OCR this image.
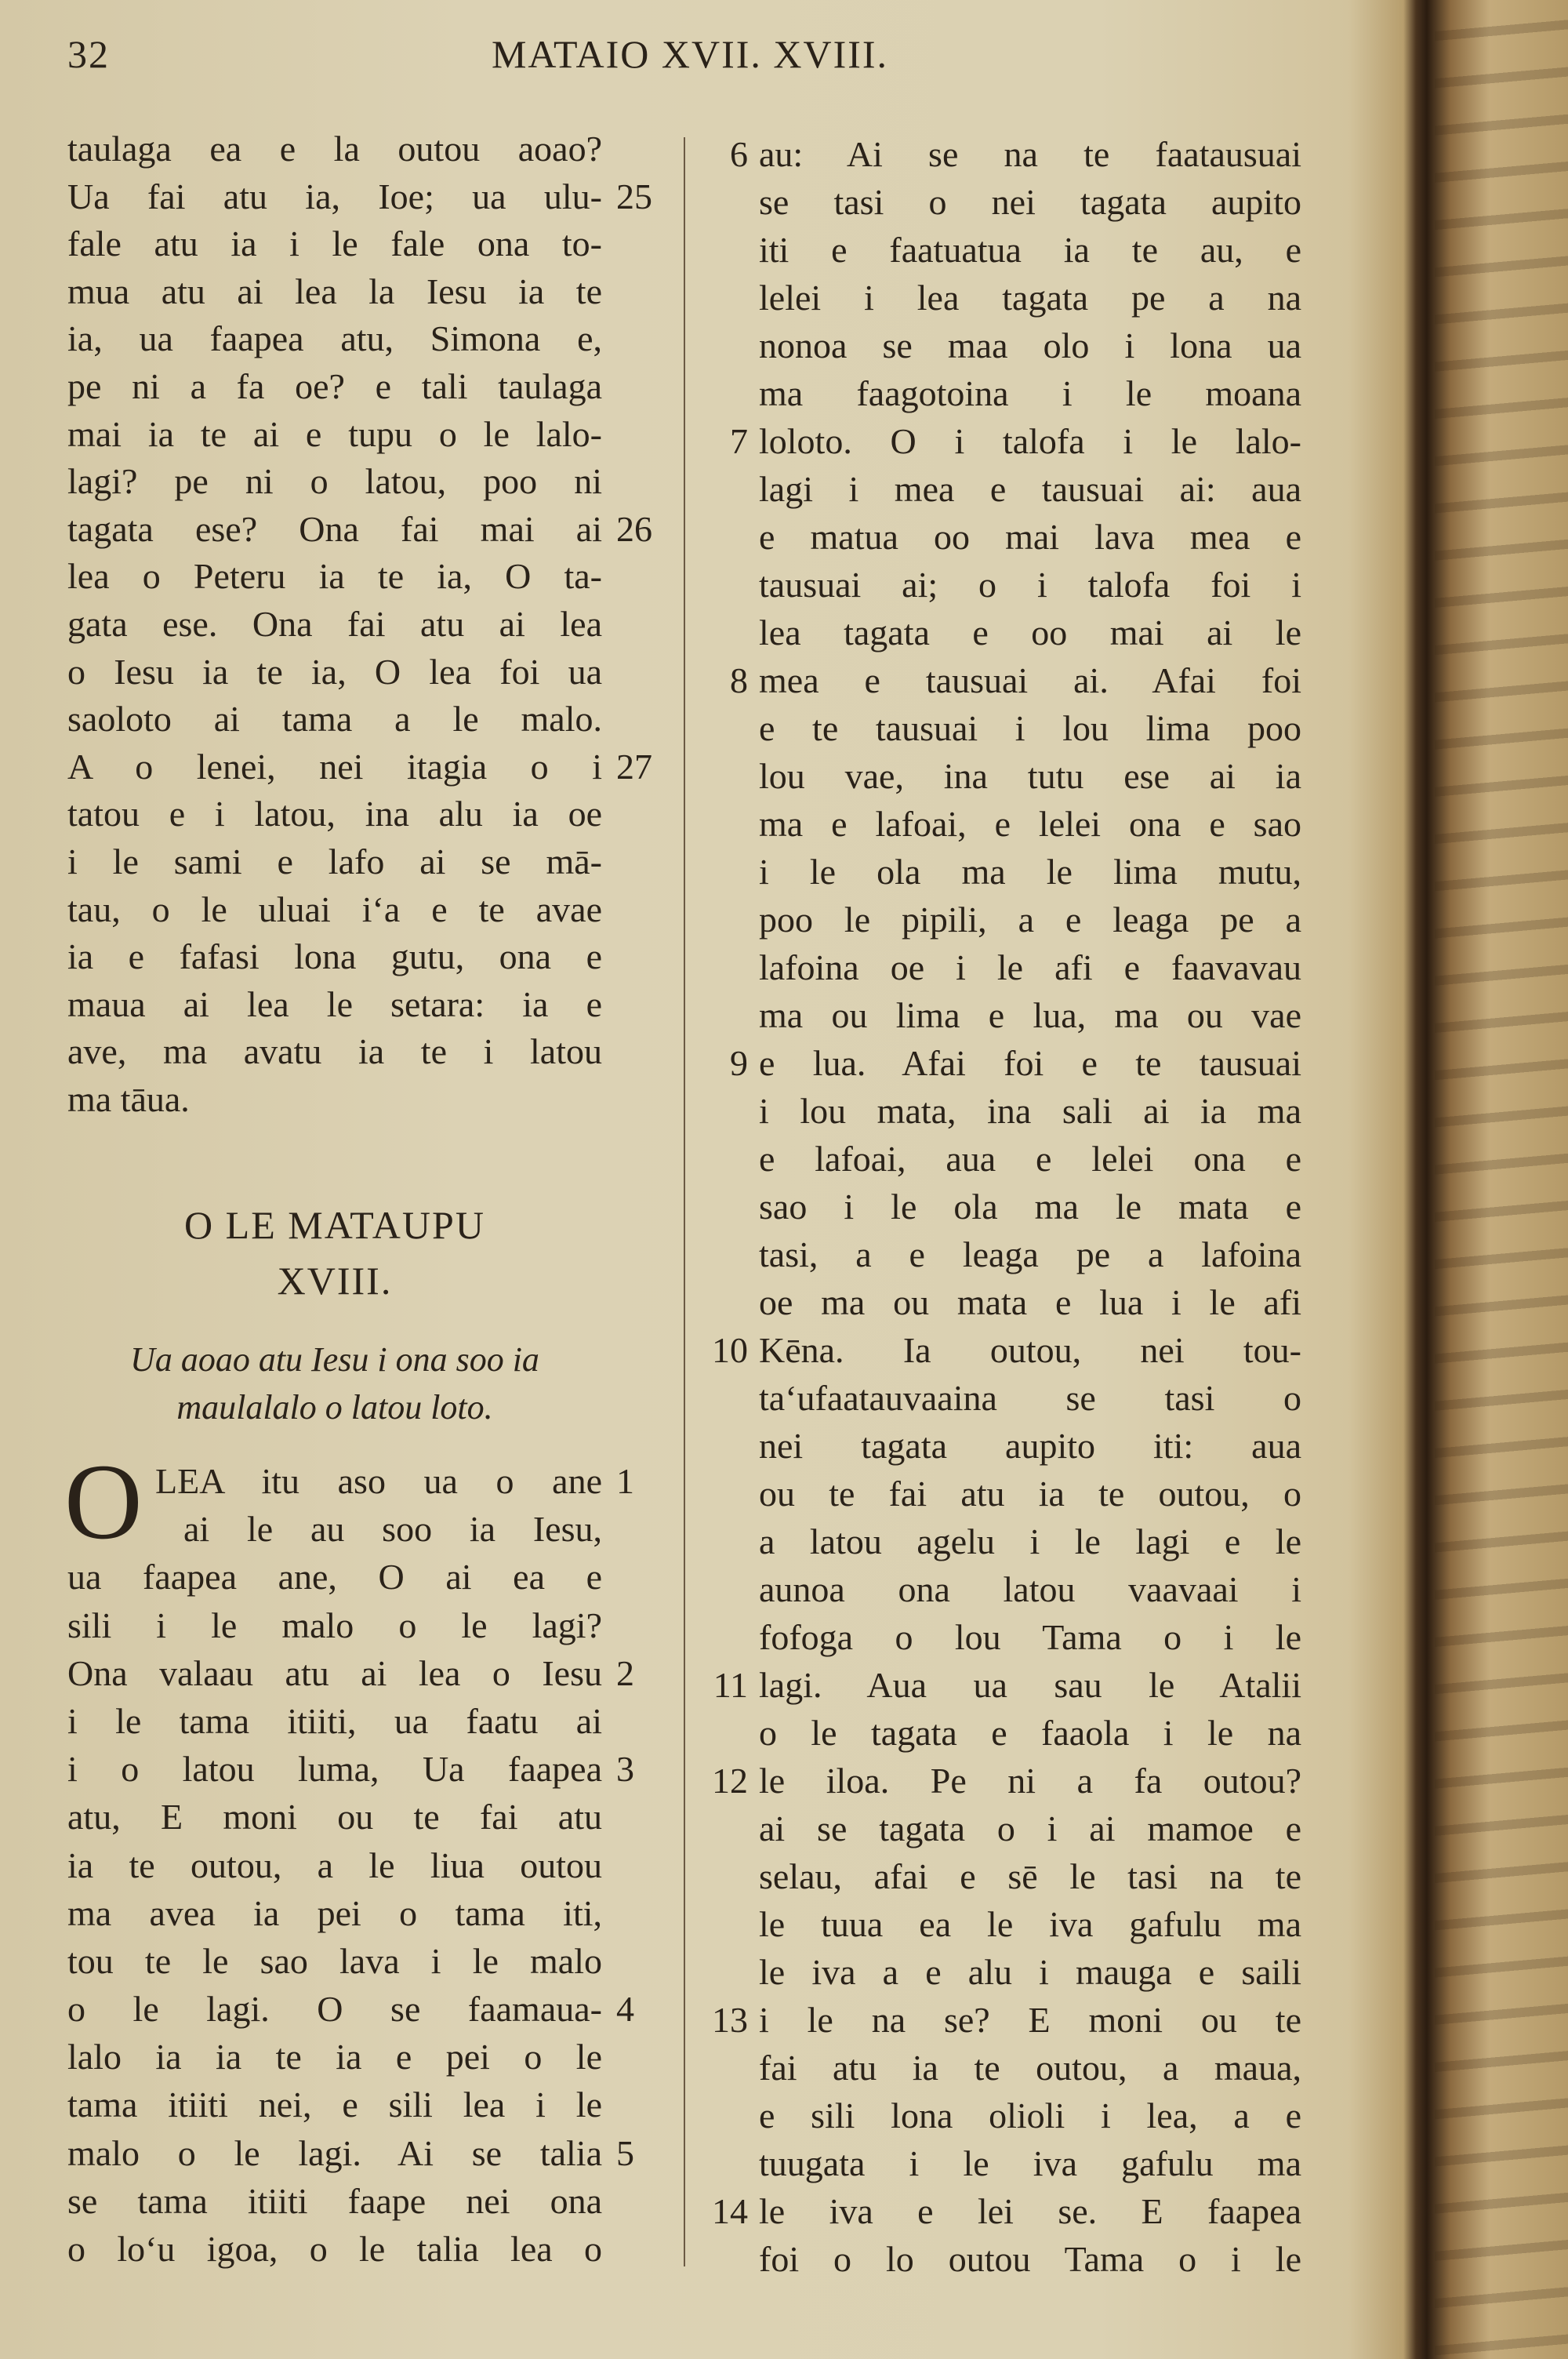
32	MATAIO XVII. XVIII.
taulaga ea e la outou aoao?
Ua fai atu ia, Ioe; ua ulu- 25
fale atu ia i le fale ona to-
mua atu ai lea la Iesu ia te
ia, ua faapea atu, Simona e,
pe ni a fa oe? e tali taulaga
mai ia te ai e tupu o le lalo-
lagi? pe ni o latou, poo ni
tagata ese? Ona fai mai ai 26
lea o Peteru ia te ia, O ta-
gata ese. Ona fai atu ai lea
o Iesu ia te ia, O lea foi ua
saoloto ai tama a le malo.
A o lenei, nei itagia o i 27
tatou e i latou, ina alu ia oe
i le sami e lafo ai se mā-
tau, o le uluai iʻa e te avae
ia e fafasi lona gutu, ona e
maua ai lea le setara: ia e
ave, ma avatu ia te i latou
ma tāua.
O LE MATAUPU
XVIII.
Ua aoao atu Iesu i ona soo ia
maulalalo o latou loto.
O LEA itu aso ua o ane 1
ai le au soo ia Iesu,
ua faapea ane, O ai ea e
sili i le malo o le lagi?
Ona valaau atu ai lea o Iesu 2
i le tama itiiti, ua faatu ai
i o latou luma, Ua faapea 3
atu, E moni ou te fai atu
ia te outou, a le liua outou
ma avea ia pei o tama iti,
tou te le sao lava i le malo
o le lagi. O se faamaua- 4
lalo ia ia te ia e pei o le
tama itiiti nei, e sili lea i le
malo o le lagi. Ai se talia 5
se tama itiiti faape nei ona
o loʻu igoa, o le talia lea o
au: Ai se na te faatausuai
6
se tasi o nei tagata aupito
iti e faatuatua ia te au, e
lelei i lea tagata pe a na
nonoa se maa olo i lona ua
ma faagotoina i le moana
loloto. O i talofa i le lalo-
7
lagi i mea e tausuai ai: aua
e matua oo mai lava mea e
tausuai ai; o i talofa foi i
lea tagata e oo mai ai le
mea e tausuai ai. Afai foi
8
e te tausuai i lou lima poo
lou vae, ina tutu ese ai ia
ma e lafoai, e lelei ona e sao
i le ola ma le lima mutu,
poo le pipili, a e leaga pe a
lafoina oe i le afi e faavavau
ma ou lima e lua, ma ou vae
e lua. Afai foi e te tausuai
9
i lou mata, ina sali ai ia ma
e lafoai, aua e lelei ona e
sao i le ola ma le mata e
tasi, a e leaga pe a lafoina
oe ma ou mata e lua i le afi
Kēna. Ia outou, nei tou-
10
taʻufaatauvaaina se tasi o
nei tagata aupito iti: aua
ou te fai atu ia te outou, o
a latou agelu i le lagi e le
aunoa ona latou vaavaai i
fofoga o lou Tama o i le
lagi. Aua ua sau le Atalii
11
o le tagata e faaola i le na
le iloa. Pe ni a fa outou?
12
ai se tagata o i ai mamoe e
selau, afai e sē le tasi na te
le tuua ea le iva gafulu ma
le iva a e alu i mauga e saili
i le na se? E moni ou te
13
fai atu ia te outou, a maua,
e sili lona olioli i lea, a e
tuugata i le iva gafulu ma
le iva e lei se. E faapea
14
foi o lo outou Tama o i le
